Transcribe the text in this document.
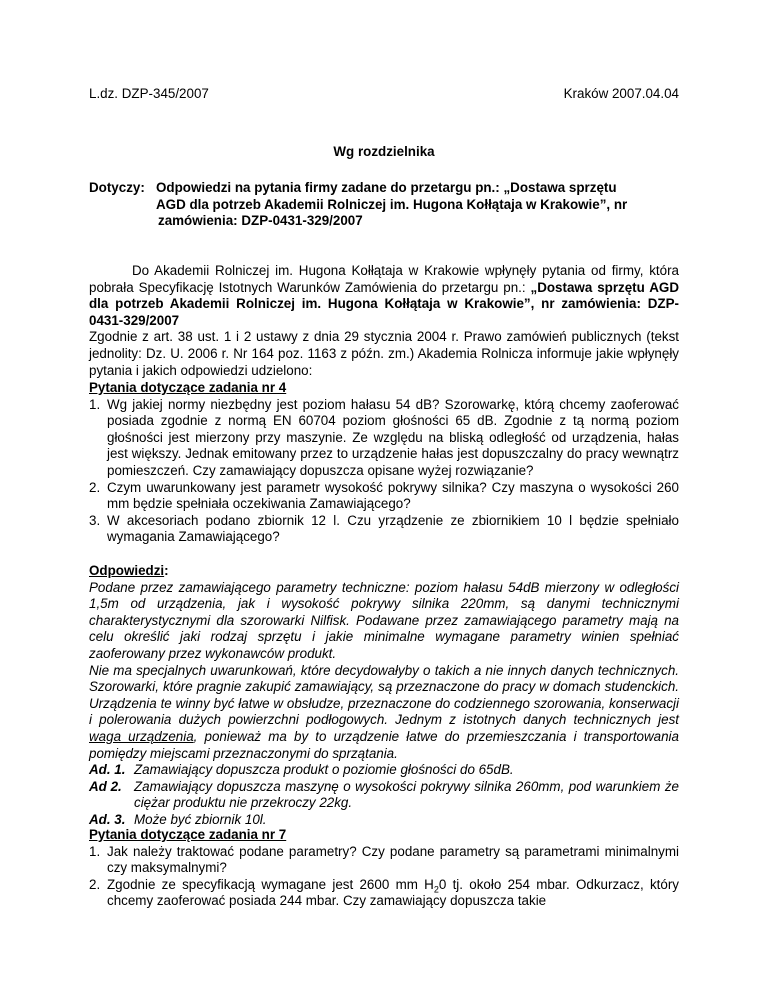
L.dz. DZP-345/2007	Kraków 2007.04.04
Wg rozdzielnika
Dotyczy: Odpowiedzi na pytania firmy zadane do przetargu pn.: „Dostawa sprzętu
AGD dla potrzeb Akademii Rolniczej im. Hugona Kołłątaja w Krakowie”, nr
zamówienia: DZP-0431-329/2007
Do Akademii Rolniczej im. Hugona Kołłątaja w Krakowie wpłynęły pytania od firmy, która pobrała Specyfikację Istotnych Warunków Zamówienia do przetargu pn.: „Dostawa sprzętu AGD dla potrzeb Akademii Rolniczej im. Hugona Kołłątaja w Krakowie”, nr zamówienia: DZP-0431-329/2007
Zgodnie z art. 38 ust. 1 i 2 ustawy z dnia 29 stycznia 2004 r. Prawo zamówień publicznych (tekst jednolity: Dz. U. 2006 r. Nr 164 poz. 1163 z późn. zm.) Akademia Rolnicza informuje jakie wpłynęły pytania i jakich odpowiedzi udzielono:
Pytania dotyczące zadania nr 4
1. Wg jakiej normy niezbędny jest poziom hałasu 54 dB? Szorowarkę, którą chcemy zaoferować posiada zgodnie z normą EN 60704 poziom głośności 65 dB. Zgodnie z tą normą poziom głośności jest mierzony przy maszynie. Ze względu na bliską odległość od urządzenia, hałas jest większy. Jednak emitowany przez to urządzenie hałas jest dopuszczalny do pracy wewnątrz pomieszczeń. Czy zamawiający dopuszcza opisane wyżej rozwiązanie?
2. Czym uwarunkowany jest parametr wysokość pokrywy silnika? Czy maszyna o wysokości 260 mm będzie spełniała oczekiwania Zamawiającego?
3. W akcesoriach podano zbiornik 12 l. Czu yrządzenie ze zbiornikiem 10 l będzie spełniało wymagania Zamawiającego?
Odpowiedzi:
Podane przez zamawiającego parametry techniczne: poziom hałasu 54dB mierzony w odległości 1,5m od urządzenia, jak i wysokość pokrywy silnika 220mm, są danymi technicznymi charakterystycznymi dla szorowarki Nilfisk. Podawane przez zamawiającego parametry mają na celu określić jaki rodzaj sprzętu i jakie minimalne wymagane parametry winien spełniać zaoferowany przez wykonawców produkt.
Nie ma specjalnych uwarunkowań, które decydowałyby o takich a nie innych danych technicznych. Szorowarki, które pragnie zakupić zamawiający, są przeznaczone do pracy w domach studenckich. Urządzenia te winny być łatwe w obsłudze, przeznaczone do codziennego szorowania, konserwacji i polerowania dużych powierzchni podłogowych. Jednym z istotnych danych technicznych jest waga urządzenia, ponieważ ma by to urządzenie łatwe do przemieszczania i transportowania pomiędzy miejscami przeznaczonymi do sprzątania.
Ad. 1. Zamawiający dopuszcza produkt o poziomie głośności do 65dB.
Ad 2. Zamawiający dopuszcza maszynę o wysokości pokrywy silnika 260mm, pod warunkiem że ciężar produktu nie przekroczy 22kg.
Ad. 3. Może być zbiornik 10l.
Pytania dotyczące zadania nr 7
1. Jak należy traktować podane parametry? Czy podane parametry są parametrami minimalnymi czy maksymalnymi?
2. Zgodnie ze specyfikacją wymagane jest 2600 mm $H_20$ tj. około 254 mbar. Odkurzacz, który chcemy zaoferować posiada 244 mbar. Czy zamawiający dopuszcza takie
